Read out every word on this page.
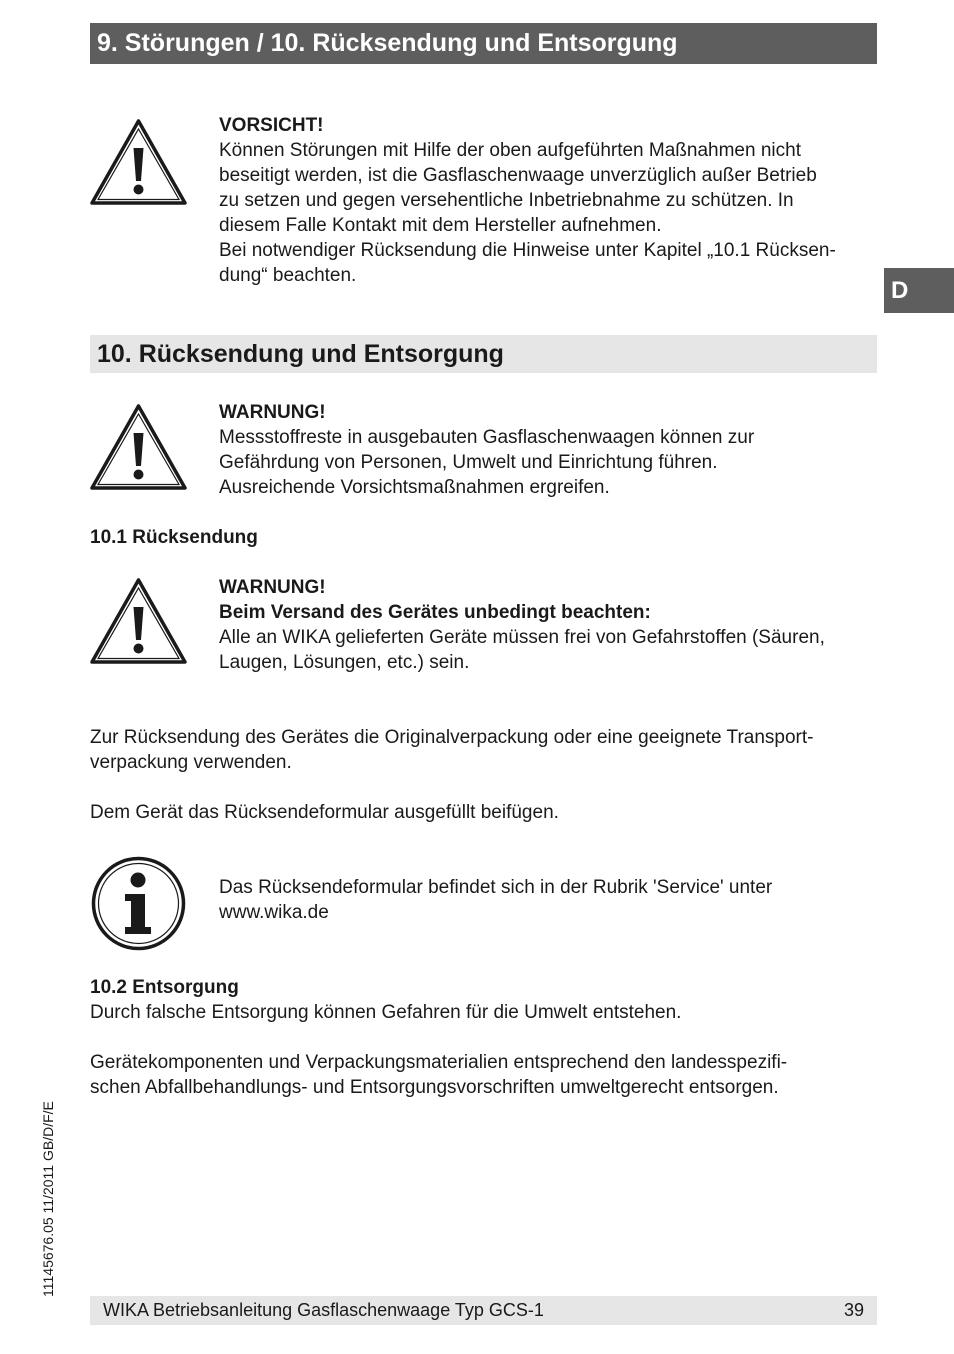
9. Störungen / 10. Rücksendung und Entsorgung
D

VORSICHT!

Können Störungen mit Hilfe der oben aufgeführten Maßnahmen nicht

beseitigt werden, ist die Gasflaschenwaage unverzüglich außer Betrieb

zu setzen und gegen versehentliche Inbetriebnahme zu schützen. In

diesem Falle Kontakt mit dem Hersteller aufnehmen.

Bei notwendiger Rücksendung die Hinweise unter Kapitel „10.1 Rücksen-

dung“ beachten.

10. Rücksendung und Entsorgung

WARNUNG!

Messstoffreste in ausgebauten Gasflaschenwaagen können zur

Gefährdung von Personen, Umwelt und Einrichtung führen.

Ausreichende Vorsichtsmaßnahmen ergreifen.

10.1 Rücksendung

WARNUNG!

Beim Versand des Gerätes unbedingt beachten:

Alle an WIKA gelieferten Geräte müssen frei von Gefahrstoffen (Säuren,

Laugen, Lösungen, etc.) sein.

Zur Rücksendung des Gerätes die Originalverpackung oder eine geeignete Transport-

verpackung verwenden.

Dem Gerät das Rücksendeformular ausgefüllt beifügen.

Das Rücksendeformular befindet sich in der Rubrik 'Service' unter

www.wika.de

10.2 Entsorgung

Durch falsche Entsorgung können Gefahren für die Umwelt entstehen.

Gerätekomponenten und Verpackungsmaterialien entsprechend den landesspezifi-

schen Abfallbehandlungs- und Entsorgungsvorschriften umweltgerecht entsorgen.

11145676.05 11/2011 GB/D/F/E
WIKA Betriebsanleitung Gasflaschenwaage Typ GCS-1	39
